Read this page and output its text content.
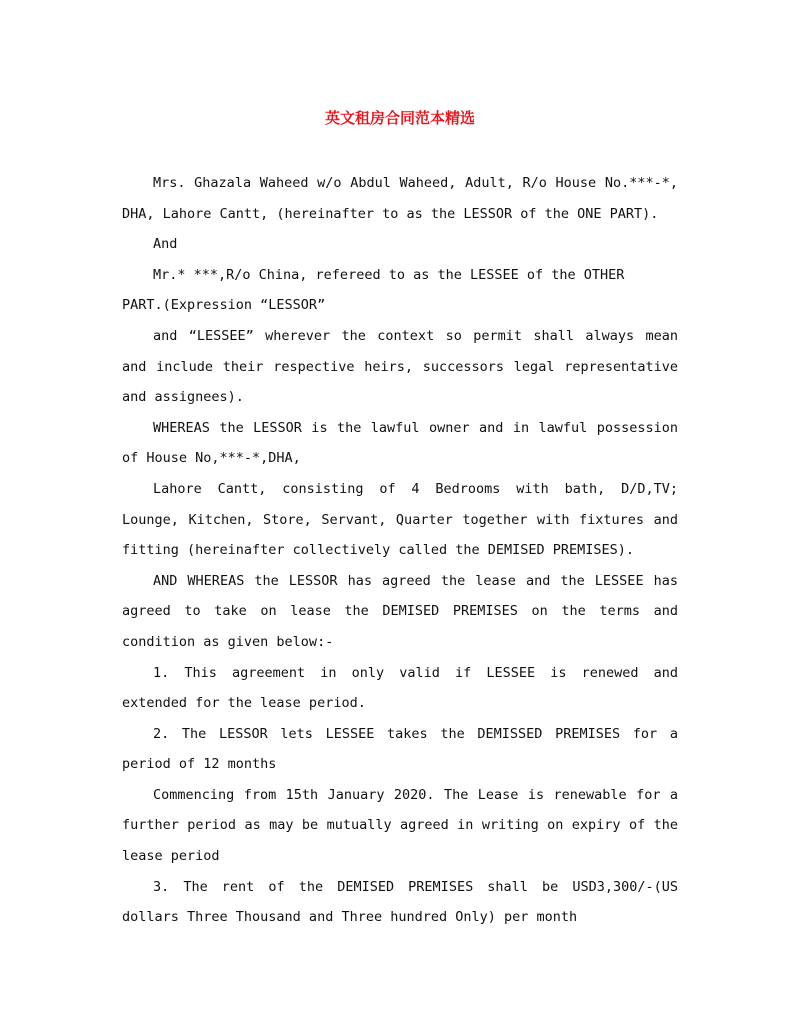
英文租房合同范本精选

Mrs. Ghazala Waheed w/o Abdul Waheed, Adult, R/o House No.***-*, DHA, Lahore Cantt, (hereinafter to as the LESSOR of the ONE PART).

And

Mr.* ***,R/o China, refereed to as the LESSEE of the OTHER

PART.(Expression “LESSOR”

and “LESSEE” wherever the context so permit shall always mean and include their respective heirs, successors legal representative and assignees).

WHEREAS the LESSOR is the lawful owner and in lawful possession of House No,***-*,DHA,

Lahore Cantt, consisting of 4 Bedrooms with bath, D/D,TV; Lounge, Kitchen, Store, Servant, Quarter together with fixtures and fitting (hereinafter collectively called the DEMISED PREMISES).

AND WHEREAS the LESSOR has agreed the lease and the LESSEE has agreed to take on lease the DEMISED PREMISES on the terms and condition as given below:-

1. This agreement in only valid if LESSEE is renewed and extended for the lease period.

2. The LESSOR lets LESSEE takes the DEMISSED PREMISES for a period of 12 months

Commencing from 15th January 2020. The Lease is renewable for a further period as may be mutually agreed in writing on expiry of the lease period

3. The rent of the DEMISED PREMISES shall be USD3,300/-(US dollars Three Thousand and Three hundred Only) per month
